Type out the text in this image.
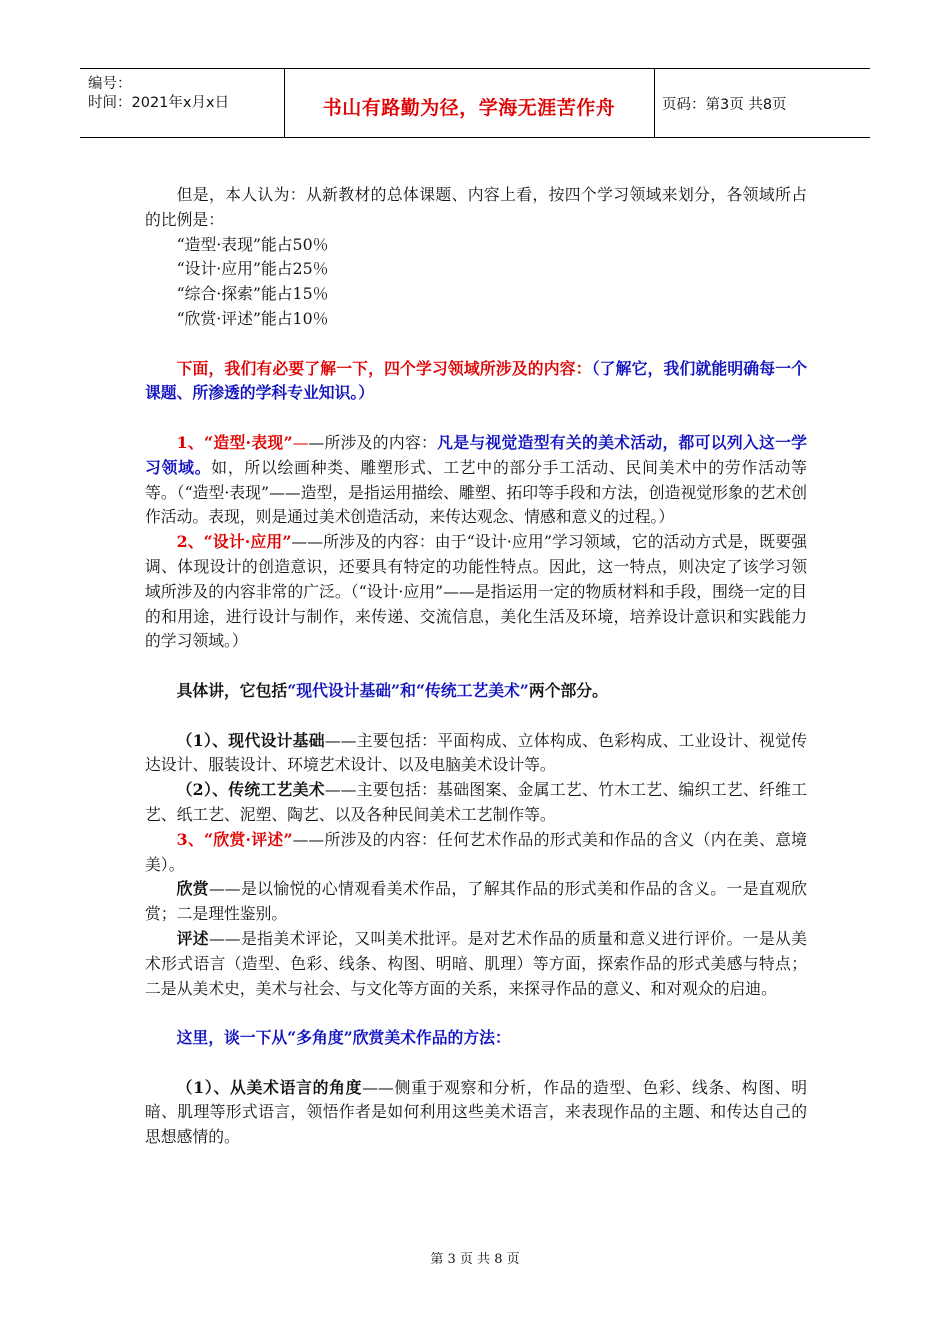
编号：
时间：2021年x月x日	书山有路勤为径，学海无涯苦作舟	页码：第3页 共8页

但是，本人认为：从新教材的总体课题、内容上看，按四个学习领域来划分，各领域所占的比例是：

“造型·表现”能占50％

“设计·应用”能占25％

“综合·探索”能占15％

“欣赏·评述”能占10％

下面，我们有必要了解一下，四个学习领域所涉及的内容：（了解它，我们就能明确每一个课题、所渗透的学科专业知识。）

1、“造型·表现”——所涉及的内容：凡是与视觉造型有关的美术活动，都可以列入这一学习领域。如，所以绘画种类、雕塑形式、工艺中的部分手工活动、民间美术中的劳作活动等等。（“造型·表现”——造型，是指运用描绘、雕塑、拓印等手段和方法，创造视觉形象的艺术创作活动。表现，则是通过美术创造活动，来传达观念、情感和意义的过程。）

2、“设计·应用”——所涉及的内容：由于“设计·应用”学习领域，它的活动方式是，既要强调、体现设计的创造意识，还要具有特定的功能性特点。因此，这一特点，则决定了该学习领域所涉及的内容非常的广泛。（“设计·应用”——是指运用一定的物质材料和手段，围绕一定的目的和用途，进行设计与制作，来传递、交流信息，美化生活及环境，培养设计意识和实践能力的学习领域。）

具体讲，它包括“现代设计基础”和“传统工艺美术”两个部分。

（1）、现代设计基础——主要包括：平面构成、立体构成、色彩构成、工业设计、视觉传达设计、服装设计、环境艺术设计、以及电脑美术设计等。

（2）、传统工艺美术——主要包括：基础图案、金属工艺、竹木工艺、编织工艺、纤维工艺、纸工艺、泥塑、陶艺、以及各种民间美术工艺制作等。

3、“欣赏·评述”——所涉及的内容：任何艺术作品的形式美和作品的含义（内在美、意境美）。

欣赏——是以愉悦的心情观看美术作品，了解其作品的形式美和作品的含义。一是直观欣赏；二是理性鉴别。

评述——是指美术评论，又叫美术批评。是对艺术作品的质量和意义进行评价。一是从美术形式语言（造型、色彩、线条、构图、明暗、肌理）等方面，探索作品的形式美感与特点；二是从美术史，美术与社会、与文化等方面的关系，来探寻作品的意义、和对观众的启迪。

这里，谈一下从“多角度”欣赏美术作品的方法：

（1）、从美术语言的角度——侧重于观察和分析，作品的造型、色彩、线条、构图、明暗、肌理等形式语言，领悟作者是如何利用这些美术语言，来表现作品的主题、和传达自己的思想感情的。

第 3 页 共 8 页
